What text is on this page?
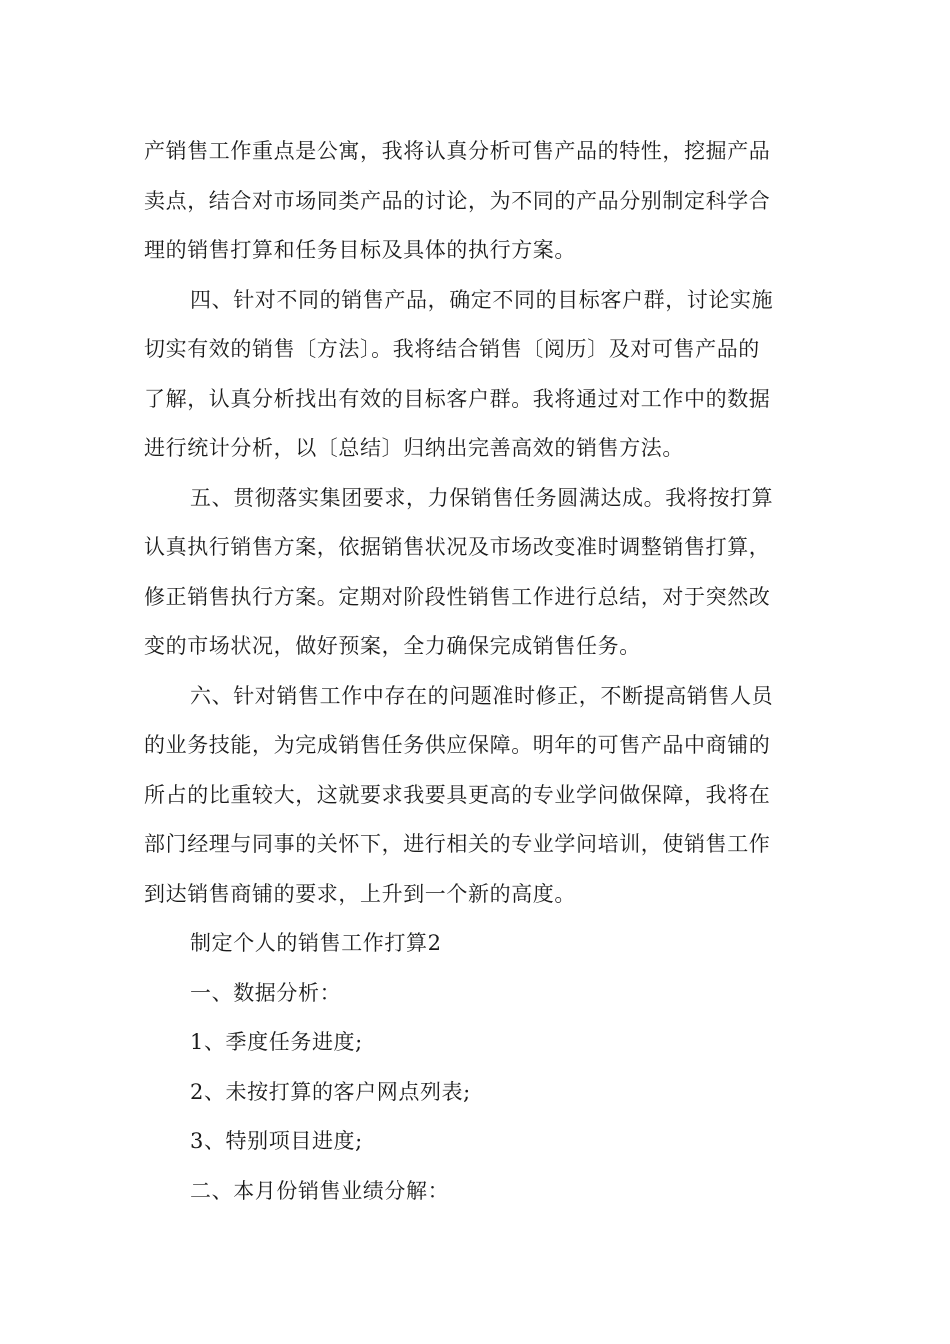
产销售工作重点是公寓，我将认真分析可售产品的特性，挖掘产品
卖点，结合对市场同类产品的讨论，为不同的产品分别制定科学合
理的销售打算和任务目标及具体的执行方案。
四、针对不同的销售产品，确定不同的目标客户群，讨论实施
切实有效的销售〔方法〕。我将结合销售〔阅历〕及对可售产品的
了解，认真分析找出有效的目标客户群。我将通过对工作中的数据
进行统计分析，以〔总结〕归纳出完善高效的销售方法。
五、贯彻落实集团要求，力保销售任务圆满达成。我将按打算
认真执行销售方案，依据销售状况及市场改变准时调整销售打算，
修正销售执行方案。定期对阶段性销售工作进行总结，对于突然改
变的市场状况，做好预案，全力确保完成销售任务。
六、针对销售工作中存在的问题准时修正，不断提高销售人员
的业务技能，为完成销售任务供应保障。明年的可售产品中商铺的
所占的比重较大，这就要求我要具更高的专业学问做保障，我将在
部门经理与同事的关怀下，进行相关的专业学问培训，使销售工作
到达销售商铺的要求，上升到一个新的高度。
制定个人的销售工作打算2
一、数据分析：
1、季度任务进度;
2、未按打算的客户网点列表;
3、特别项目进度;
二、本月份销售业绩分解：
